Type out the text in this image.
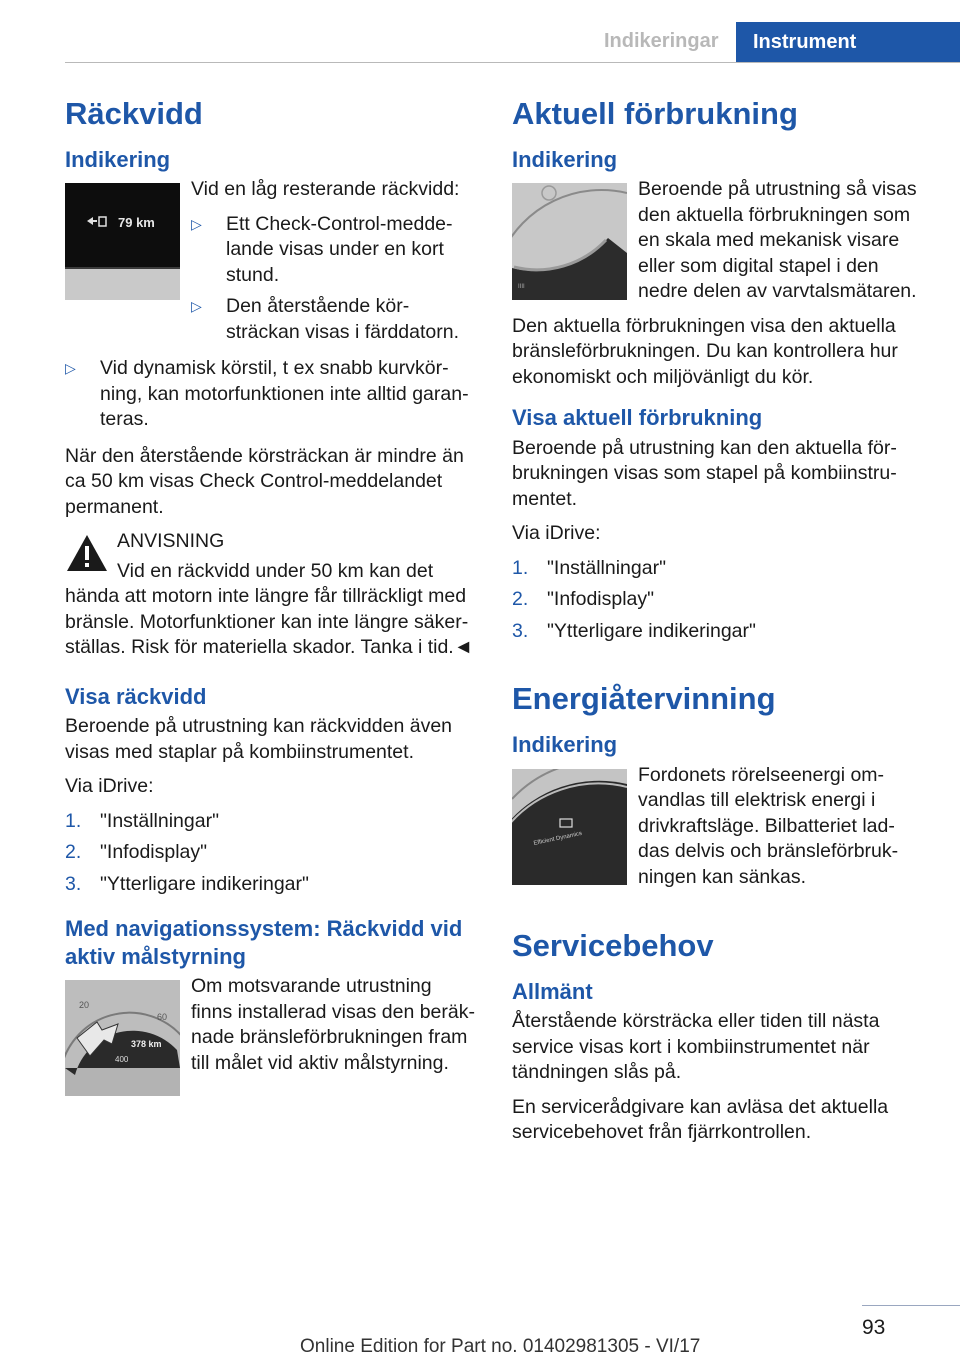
Indikeringar	Instrument
Räckvidd
Indikering
79 km

Vid en låg resterande räckvidd:

▷ Ett Check-Control-medde-lande visas under en kort stund.
▷ Den återstående kör-sträckan visas i färddatorn.
▷ Vid dynamisk körstil, t ex snabb kurvkör-ning, kan motorfunktionen inte alltid garan-teras.

När den återstående körsträckan är mindre än ca 50 km visas Check Control-meddelandet permanent.

ANVISNING

Vid en räckvidd under 50 km kan det hända att motorn inte längre får tillräckligt med bränsle. Motorfunktioner kan inte längre säker-ställas. Risk för materiella skador. Tanka i tid.◄

Visa räckvidd

Beroende på utrustning kan räckvidden även visas med staplar på kombiinstrumentet.

Via iDrive:

1. "Inställningar"
2. "Infodisplay"
3. "Ytterligare indikeringar"
Med navigationssystem: Räckvidd vid aktiv målstyrning
20
60
378 km
400

Om motsvarande utrustning finns installerad visas den beräk-nade bränsleförbrukningen fram till målet vid aktiv målstyrning.

Aktuell förbrukning
Indikering
IIII

Beroende på utrustning så visas den aktuella förbrukningen som en skala med mekanisk visare eller som digital stapel i den nedre delen av varvtalsmätaren.

Den aktuella förbrukningen visa den aktuella bränsleförbrukningen. Du kan kontrollera hur ekonomiskt och miljövänligt du kör.

Visa aktuell förbrukning

Beroende på utrustning kan den aktuella för-brukningen visas som stapel på kombiinstru-mentet.

Via iDrive:

1. "Inställningar"
2. "Infodisplay"
3. "Ytterligare indikeringar"
Energiåtervinning
Indikering
Efficient Dynamics

Fordonets rörelseenergi om-vandlas till elektrisk energi i drivkraftsläge. Bilbatteriet lad-das delvis och bränsleförbruk-ningen kan sänkas.

Servicebehov
Allmänt

Återstående körsträcka eller tiden till nästa service visas kort i kombiinstrumentet när tändningen slås på.

En servicerådgivare kan avläsa det aktuella servicebehovet från fjärrkontrollen.

93
Online Edition for Part no. 01402981305 - VI/17
